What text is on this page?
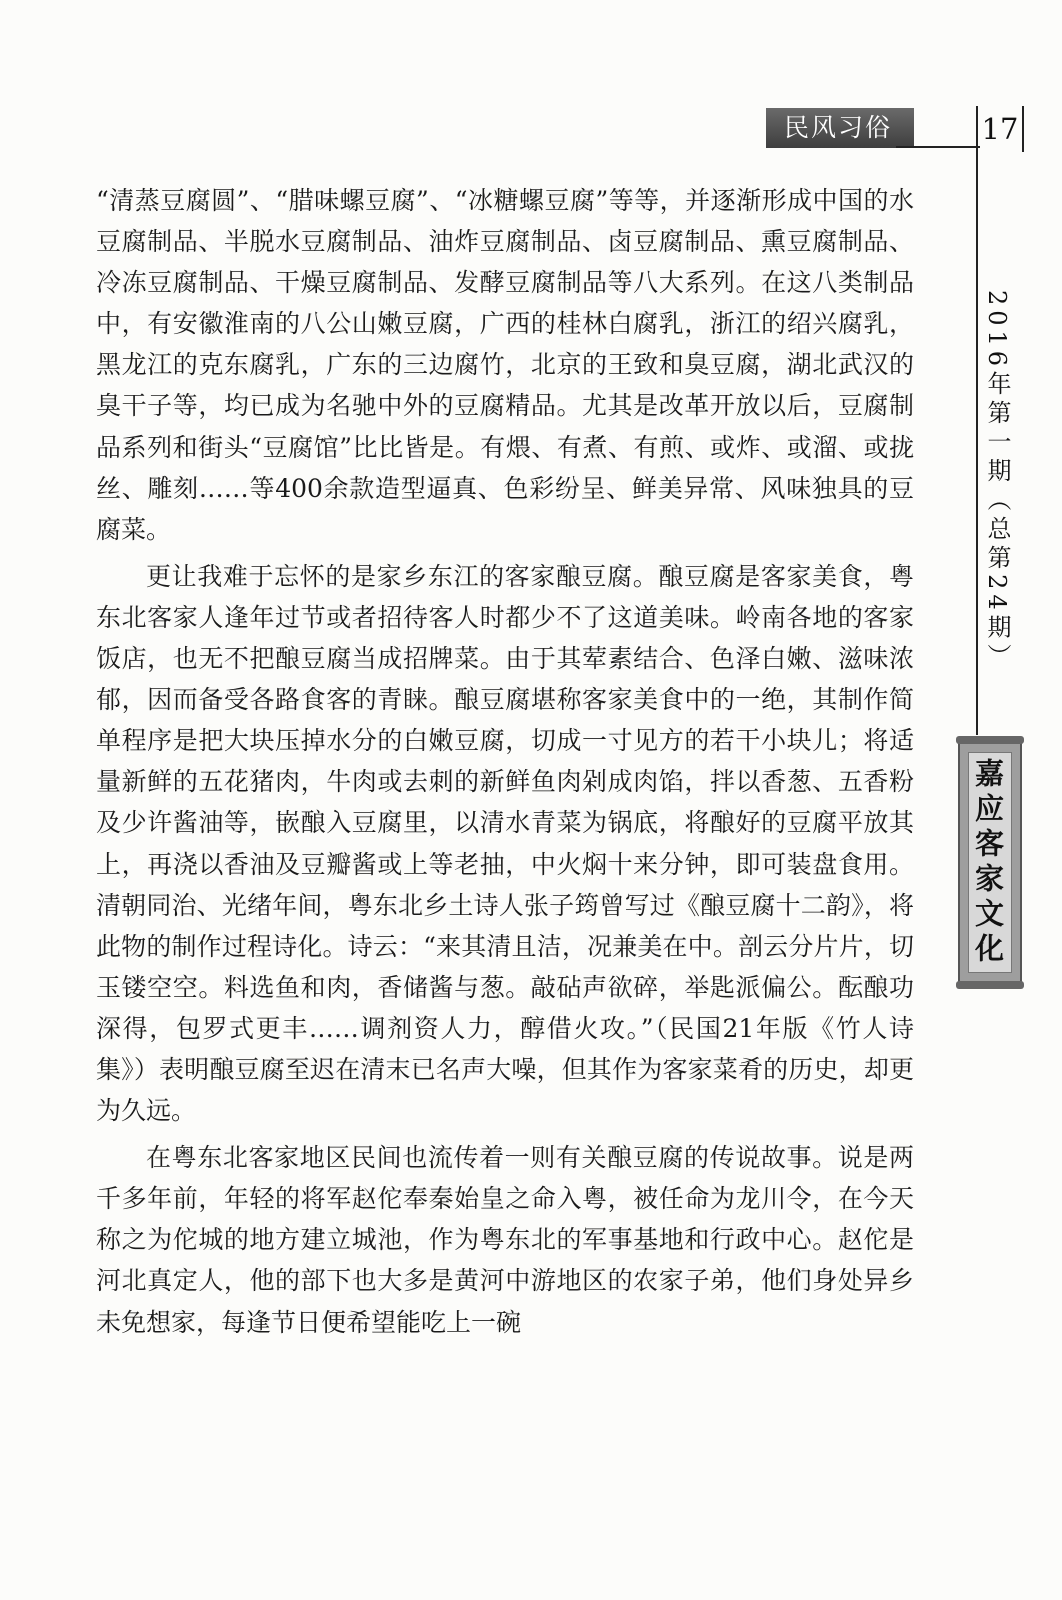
民风习俗	17
2016年第一期（总第24期）
嘉应客家文化

“清蒸豆腐圆”、“腊味螺豆腐”、“冰糖螺豆腐”等等，并逐渐形成中国的水豆腐制品、半脱水豆腐制品、油炸豆腐制品、卤豆腐制品、熏豆腐制品、冷冻豆腐制品、干燥豆腐制品、发酵豆腐制品等八大系列。在这八类制品中，有安徽淮南的八公山嫩豆腐，广西的桂林白腐乳，浙江的绍兴腐乳，黑龙江的克东腐乳，广东的三边腐竹，北京的王致和臭豆腐，湖北武汉的臭干子等，均已成为名驰中外的豆腐精品。尤其是改革开放以后，豆腐制品系列和街头“豆腐馆”比比皆是。有煨、有煮、有煎、或炸、或溜、或拢丝、雕刻……等400余款造型逼真、色彩纷呈、鲜美异常、风味独具的豆腐菜。

更让我难于忘怀的是家乡东江的客家酿豆腐。酿豆腐是客家美食，粤东北客家人逢年过节或者招待客人时都少不了这道美味。岭南各地的客家饭店，也无不把酿豆腐当成招牌菜。由于其荤素结合、色泽白嫩、滋味浓郁，因而备受各路食客的青睐。酿豆腐堪称客家美食中的一绝，其制作简单程序是把大块压掉水分的白嫩豆腐，切成一寸见方的若干小块儿；将适量新鲜的五花猪肉，牛肉或去刺的新鲜鱼肉剁成肉馅，拌以香葱、五香粉及少许酱油等，嵌酿入豆腐里，以清水青菜为锅底，将酿好的豆腐平放其上，再浇以香油及豆瓣酱或上等老抽，中火焖十来分钟，即可装盘食用。清朝同治、光绪年间，粤东北乡土诗人张子筠曾写过《酿豆腐十二韵》，将此物的制作过程诗化。诗云：“来其清且洁，况兼美在中。剖云分片片，切玉镂空空。料选鱼和肉，香储酱与葱。敲砧声欲碎，举匙派偏公。酝酿功深得，包罗式更丰……调剂资人力，醇借火攻。”（民国21年版《竹人诗集》）表明酿豆腐至迟在清末已名声大噪，但其作为客家菜肴的历史，却更为久远。

在粤东北客家地区民间也流传着一则有关酿豆腐的传说故事。说是两千多年前，年轻的将军赵佗奉秦始皇之命入粤，被任命为龙川令，在今天称之为佗城的地方建立城池，作为粤东北的军事基地和行政中心。赵佗是河北真定人，他的部下也大多是黄河中游地区的农家子弟，他们身处异乡未免想家，每逢节日便希望能吃上一碗
